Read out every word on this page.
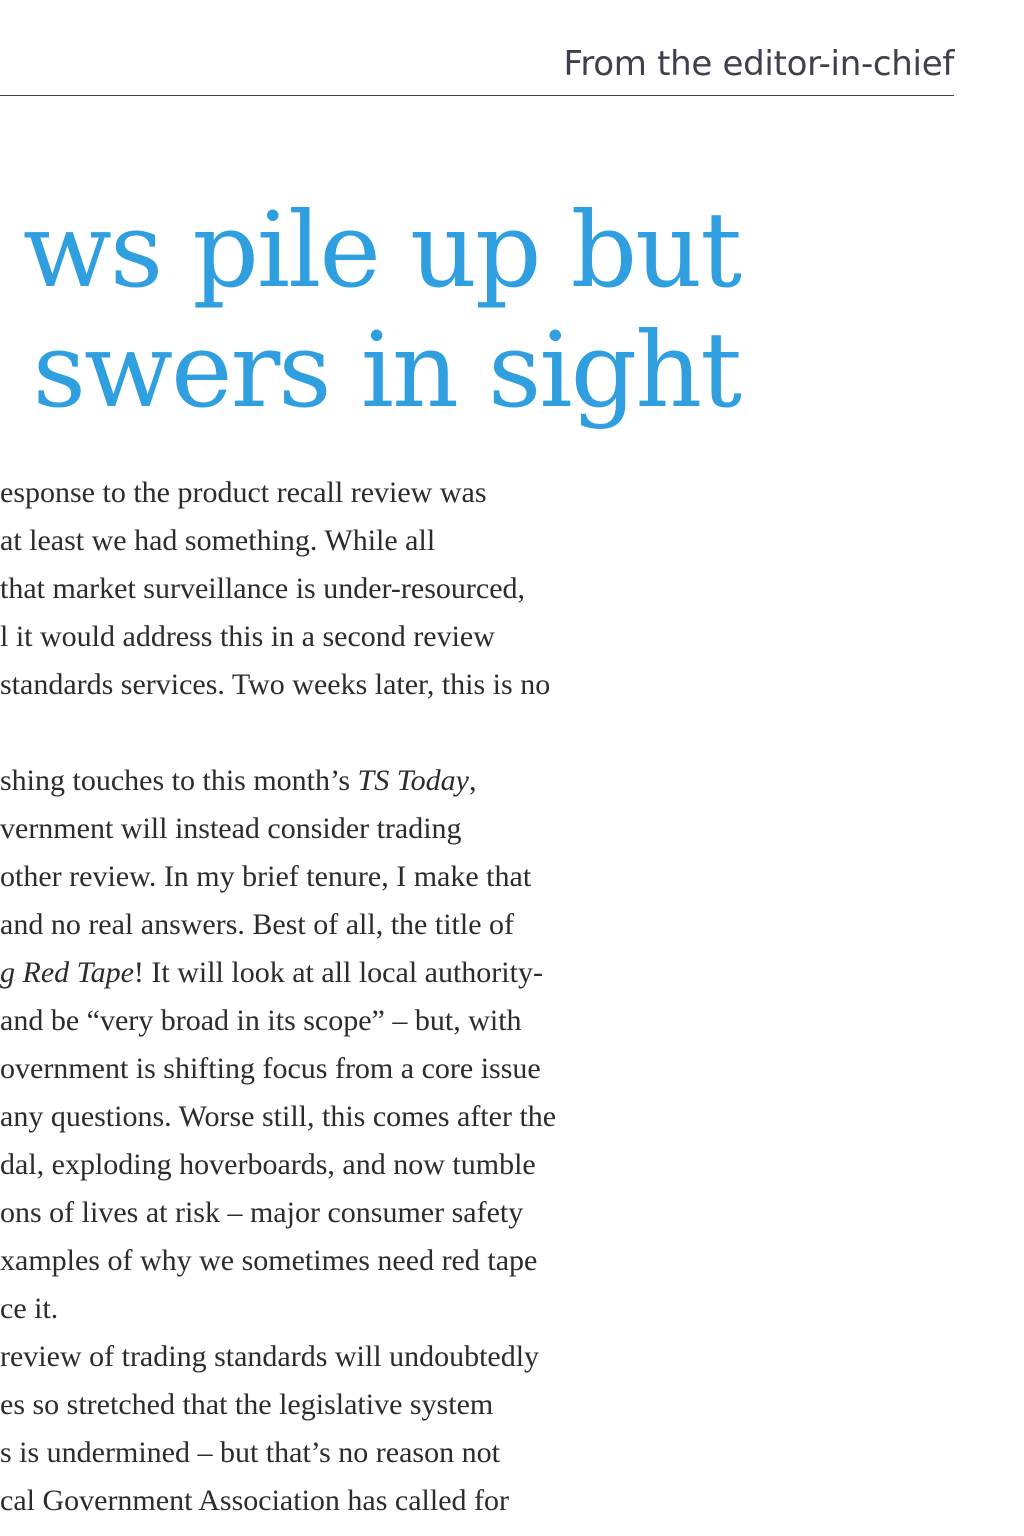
From the editor-in-chief
ws pile up but
swers in sight
esponse to the product recall review was
at least we had something. While all
that market surveillance is under-resourced,
l it would address this in a second review
standards services. Two weeks later, this is no
shing touches to this month’s TS Today,
vernment will instead consider trading
other review. In my brief tenure, I make that
and no real answers. Best of all, the title of
g Red Tape! It will look at all local authority-
and be “very broad in its scope” – but, with
overnment is shifting focus from a core issue
any questions. Worse still, this comes after the
dal, exploding hoverboards, and now tumble
ons of lives at risk – major consumer safety
xamples of why we sometimes need red tape
ce it.
review of trading standards will undoubtedly
es so stretched that the legislative system
s is undermined – but that’s no reason not
cal Government Association has called for
